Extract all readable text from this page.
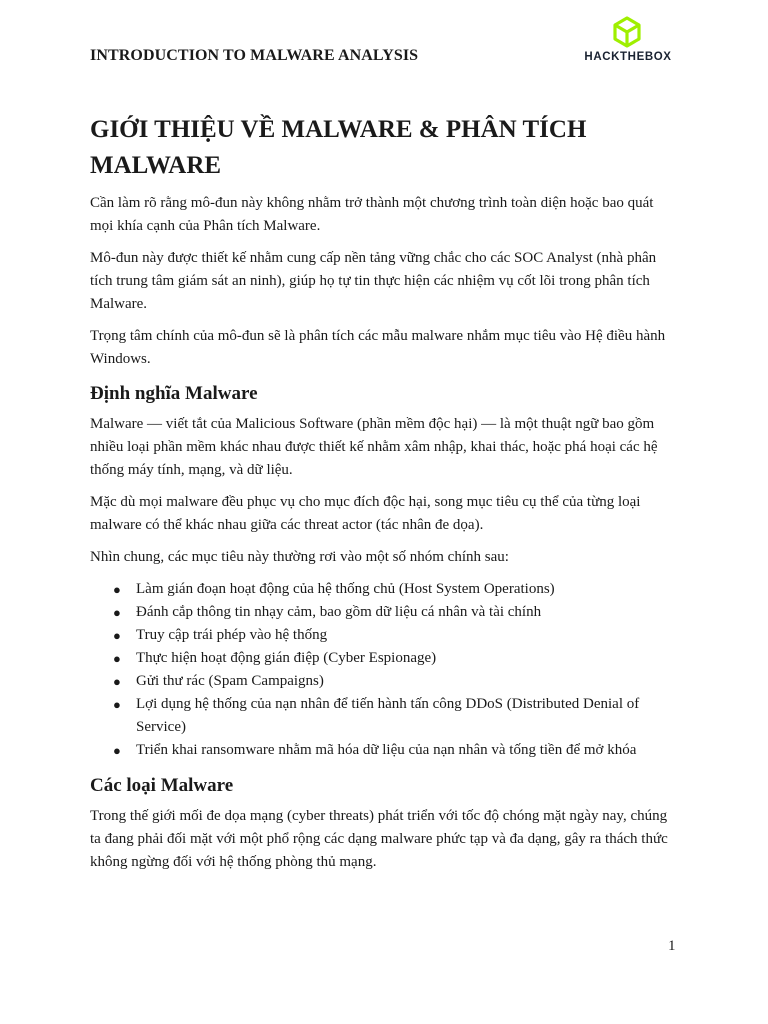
INTRODUCTION TO MALWARE ANALYSIS	HACKTHEBOX
GIỚI THIỆU VỀ MALWARE & PHÂN TÍCH MALWARE

Cần làm rõ rằng mô-đun này không nhằm trở thành một chương trình toàn diện hoặc bao quát mọi khía cạnh của Phân tích Malware.

Mô-đun này được thiết kế nhằm cung cấp nền tảng vững chắc cho các SOC Analyst (nhà phân tích trung tâm giám sát an ninh), giúp họ tự tin thực hiện các nhiệm vụ cốt lõi trong phân tích Malware.

Trọng tâm chính của mô-đun sẽ là phân tích các mẫu malware nhắm mục tiêu vào Hệ điều hành Windows.

Định nghĩa Malware

Malware — viết tắt của Malicious Software (phần mềm độc hại) — là một thuật ngữ bao gồm nhiều loại phần mềm khác nhau được thiết kế nhằm xâm nhập, khai thác, hoặc phá hoại các hệ thống máy tính, mạng, và dữ liệu.

Mặc dù mọi malware đều phục vụ cho mục đích độc hại, song mục tiêu cụ thể của từng loại malware có thể khác nhau giữa các threat actor (tác nhân đe dọa).

Nhìn chung, các mục tiêu này thường rơi vào một số nhóm chính sau:

● Làm gián đoạn hoạt động của hệ thống chủ (Host System Operations)
● Đánh cắp thông tin nhạy cảm, bao gồm dữ liệu cá nhân và tài chính
● Truy cập trái phép vào hệ thống
● Thực hiện hoạt động gián điệp (Cyber Espionage)
● Gửi thư rác (Spam Campaigns)
● Lợi dụng hệ thống của nạn nhân để tiến hành tấn công DDoS (Distributed Denial of Service)
● Triển khai ransomware nhằm mã hóa dữ liệu của nạn nhân và tống tiền để mở khóa
Các loại Malware

Trong thế giới mối đe dọa mạng (cyber threats) phát triển với tốc độ chóng mặt ngày nay, chúng ta đang phải đối mặt với một phổ rộng các dạng malware phức tạp và đa dạng, gây ra thách thức không ngừng đối với hệ thống phòng thủ mạng.

1
